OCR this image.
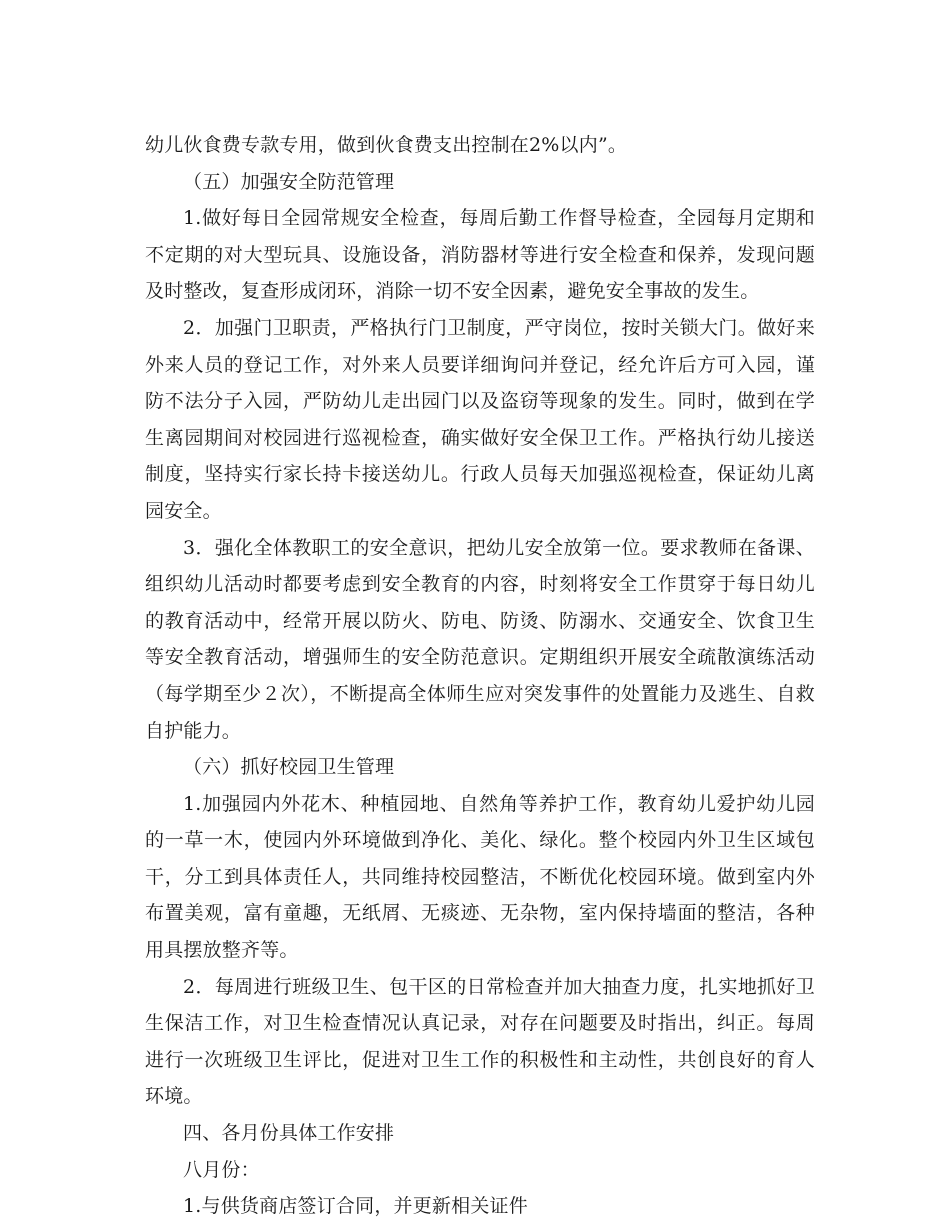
幼儿伙食费专款专用，做到伙食费支出控制在2%以内”。

（五）加强安全防范管理

1.做好每日全园常规安全检查，每周后勤工作督导检查，全园每月定期和不定期的对大型玩具、设施设备，消防器材等进行安全检查和保养，发现问题及时整改，复查形成闭环，消除一切不安全因素，避免安全事故的发生。

2．加强门卫职责，严格执行门卫制度，严守岗位，按时关锁大门。做好来外来人员的登记工作，对外来人员要详细询问并登记，经允许后方可入园，谨防不法分子入园，严防幼儿走出园门以及盗窃等现象的发生。同时，做到在学生离园期间对校园进行巡视检查，确实做好安全保卫工作。严格执行幼儿接送制度，坚持实行家长持卡接送幼儿。行政人员每天加强巡视检查，保证幼儿离园安全。

3．强化全体教职工的安全意识，把幼儿安全放第一位。要求教师在备课、组织幼儿活动时都要考虑到安全教育的内容，时刻将安全工作贯穿于每日幼儿的教育活动中，经常开展以防火、防电、防烫、防溺水、交通安全、饮食卫生等安全教育活动，增强师生的安全防范意识。定期组织开展安全疏散演练活动（每学期至少２次），不断提高全体师生应对突发事件的处置能力及逃生、自救自护能力。

（六）抓好校园卫生管理

1.加强园内外花木、种植园地、自然角等养护工作，教育幼儿爱护幼儿园的一草一木，使园内外环境做到净化、美化、绿化。整个校园内外卫生区域包干，分工到具体责任人，共同维持校园整洁，不断优化校园环境。做到室内外布置美观，富有童趣，无纸屑、无痰迹、无杂物，室内保持墙面的整洁，各种用具摆放整齐等。

2．每周进行班级卫生、包干区的日常检查并加大抽查力度，扎实地抓好卫生保洁工作，对卫生检查情况认真记录，对存在问题要及时指出，纠正。每周进行一次班级卫生评比，促进对卫生工作的积极性和主动性，共创良好的育人环境。

四、各月份具体工作安排

八月份：

1.与供货商店签订合同，并更新相关证件
